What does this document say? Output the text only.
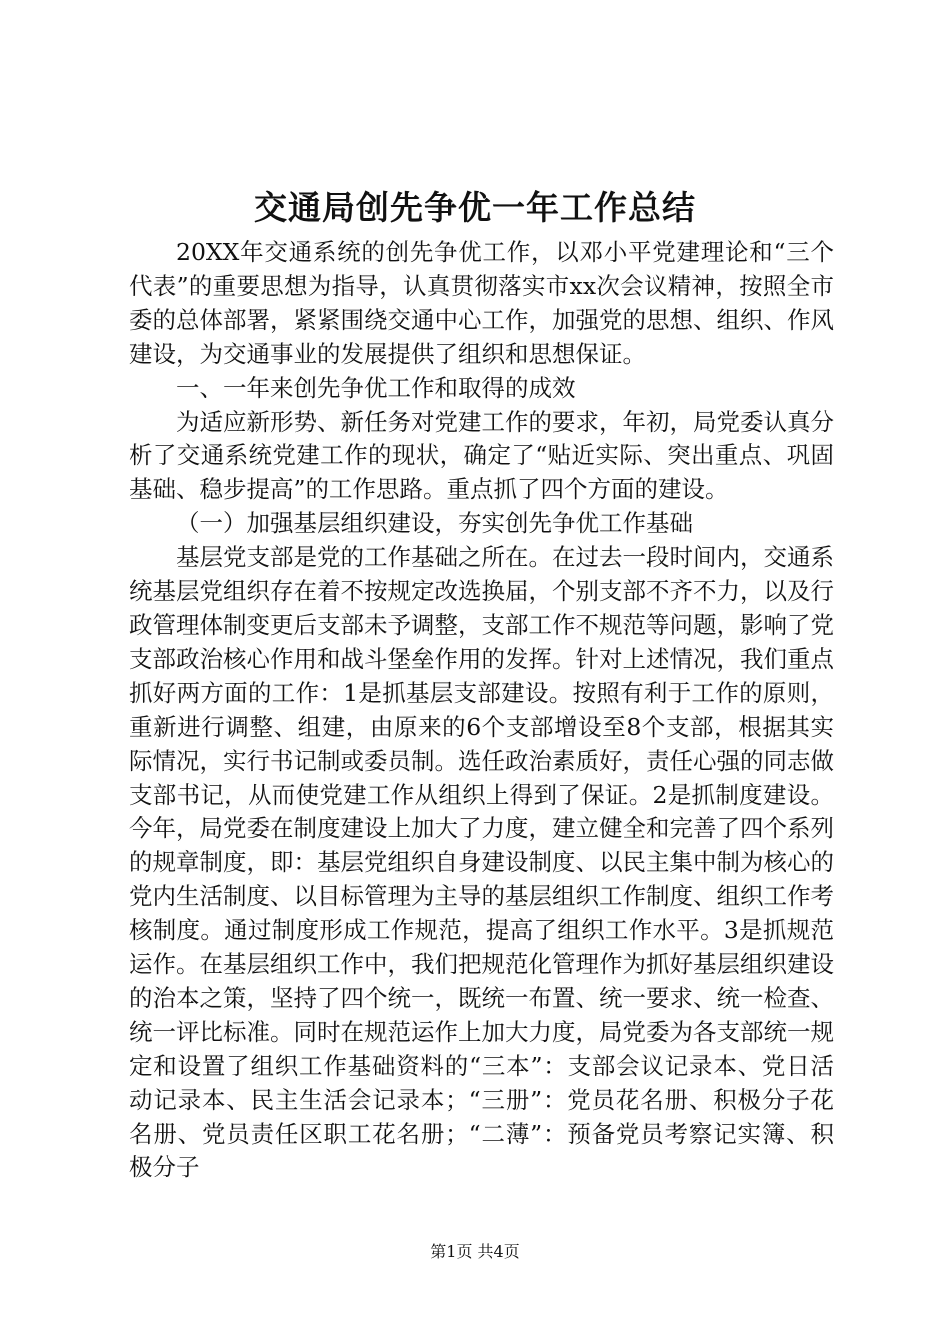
交通局创先争优一年工作总结

20XX年交通系统的创先争优工作，以邓小平党建理论和“三个代表”的重要思想为指导，认真贯彻落实市xx次会议精神，按照全市委的总体部署，紧紧围绕交通中心工作，加强党的思想、组织、作风建设，为交通事业的发展提供了组织和思想保证。

一、一年来创先争优工作和取得的成效

为适应新形势、新任务对党建工作的要求，年初，局党委认真分析了交通系统党建工作的现状，确定了“贴近实际、突出重点、巩固基础、稳步提高”的工作思路。重点抓了四个方面的建设。

（一）加强基层组织建设，夯实创先争优工作基础

基层党支部是党的工作基础之所在。在过去一段时间内，交通系统基层党组织存在着不按规定改选换届，个别支部不齐不力，以及行政管理体制变更后支部未予调整，支部工作不规范等问题，影响了党支部政治核心作用和战斗堡垒作用的发挥。针对上述情况，我们重点抓好两方面的工作：1是抓基层支部建设。按照有利于工作的原则，重新进行调整、组建，由原来的6个支部增设至8个支部，根据其实际情况，实行书记制或委员制。选任政治素质好，责任心强的同志做支部书记，从而使党建工作从组织上得到了保证。2是抓制度建设。今年，局党委在制度建设上加大了力度，建立健全和完善了四个系列的规章制度，即：基层党组织自身建设制度、以民主集中制为核心的党内生活制度、以目标管理为主导的基层组织工作制度、组织工作考核制度。通过制度形成工作规范，提高了组织工作水平。3是抓规范运作。在基层组织工作中，我们把规范化管理作为抓好基层组织建设的治本之策，坚持了四个统一，既统一布置、统一要求、统一检查、统一评比标准。同时在规范运作上加大力度，局党委为各支部统一规定和设置了组织工作基础资料的“三本”：支部会议记录本、党日活动记录本、民主生活会记录本；“三册”：党员花名册、积极分子花名册、党员责任区职工花名册；“二薄”：预备党员考察记实簿、积极分子

第1页 共4页
